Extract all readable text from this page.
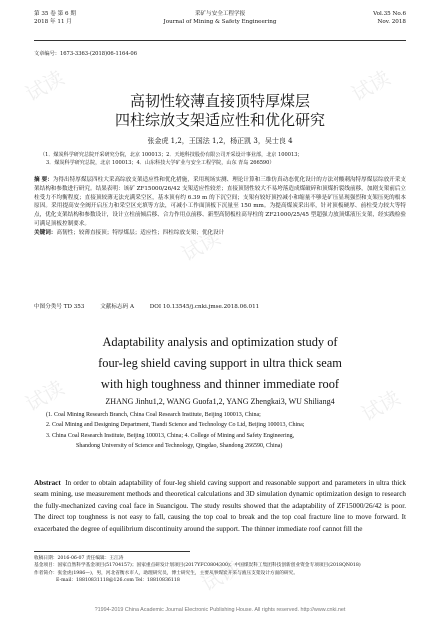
第 35 卷 第 6 期
2018 年 11 月
采矿与安全工程学报
Journal of Mining & Safety Engineering
Vol.35 No.6
Nov. 2018
文章编号：1673-3363-(2018)06-1164-06
高韧性较薄直接顶特厚煤层
四柱综放支架适应性和优化研究
张金虎 1,2，王国法 1,2，杨正凯 3，吴士良 4
（1．煤炭科学研究总院开采研究分院，北京 100013；2．天地科技股份有限公司开采设计事业部，北京 100013；
3．煤炭科学研究总院，北京 100013；4．山东科技大学矿业与安全工程学院，山东 青岛 266590）
摘 要：为得出特厚煤层四柱大采高综放支架适应性和优化措施，采用现场实测、理论计算和三维仿真动态优化设计的方法对酸刺沟特厚煤层综放开采支架结构和参数进行研究。结果表明：该矿 ZF15000/26/42 支架适应性较差；直接顶韧性较大不易垮落造成煤破碎和顶煤折裂线前移，加剧支架前后立柱受力不均衡程度；直接顶较薄无法充满采空区，基本顶有约 6.39 m 的下沉空间；支架有较好顶控减小和缩量不够是矿压显现强烈和支架压死的根本原因。采用提高安全阀开启压力和采空区充填等方法，可减小工作面顶板下沉量至 150 mm。为提高煤炭采出率，针对顶板硬厚、前柱受力较大等特点，优化支架结构和参数设计，设计立柱前倾后移、合力作用点前移、新型高韧板柱高导柱的 ZF21000/25/45 型超强力放顶煤液压支架，经实践检验可满足顶板控制要求。
关键词：高韧性；较薄直接顶；特厚煤层；适应性；四柱综放支架；优化设计
中图分类号 TD 353	文献标志码 A	DOI 10.13545/j.cnki.jmse.2018.06.011
Adaptability analysis and optimization study of
four-leg shield caving support in ultra thick seam
with high toughness and thinner immediate roof
ZHANG Jinhu1,2, WANG Guofa1,2, YANG Zhengkai3, WU Shiliang4
(1. Coal Mining Research Branch, China Coal Research Institute, Beijing 100013, China;
2. Coal Mining and Designing Department, Tiandi Science and Technology Co Ltd, Beijing 100013, China;
3. China Coal Research Institute, Beijing 100013, China; 4. College of Mining and Safety Engineering,
Shandong University of Science and Technology, Qingdao, Shandong 266590, China)
Abstract In order to obtain adaptability of four-leg shield caving support and reasonable support and parameters in ultra thick seam mining, use measurement methods and theoretical calculations and 3D simulation dynamic optimization design to research the fully-mechanized caving coal face in Suancigou. The study results showed that the adaptability of ZF15000/26/42 is poor. The direct top toughness is not easy to fall, causing the top coal to break and the top coal fracture line to move forward. It exacerbated the degree of equilibrium discontinuity around the support. The thinner immediate roof cannot fill the
收稿日期：2016-06-07 责任编辑：王江涛
基金项目：国家自然科学基金项目(51704157)；国家重点研发计划项目(2017YFC0804300)；中国煤炭科工集团科技创新创业资金专项项目(2018QN018)
作者简介：张金虎(1986—)，男，河北省衡水市人，助理研究员，博士研究生，主要从事煤炭开采与液压支架设计方面的研究。
E-mail：18810831118@126.com Tel：18810836118
试读	试读
试读
试读	试读
试读
?1994-2019 China Academic Journal Electronic Publishing House. All rights reserved. http://www.cnki.net
